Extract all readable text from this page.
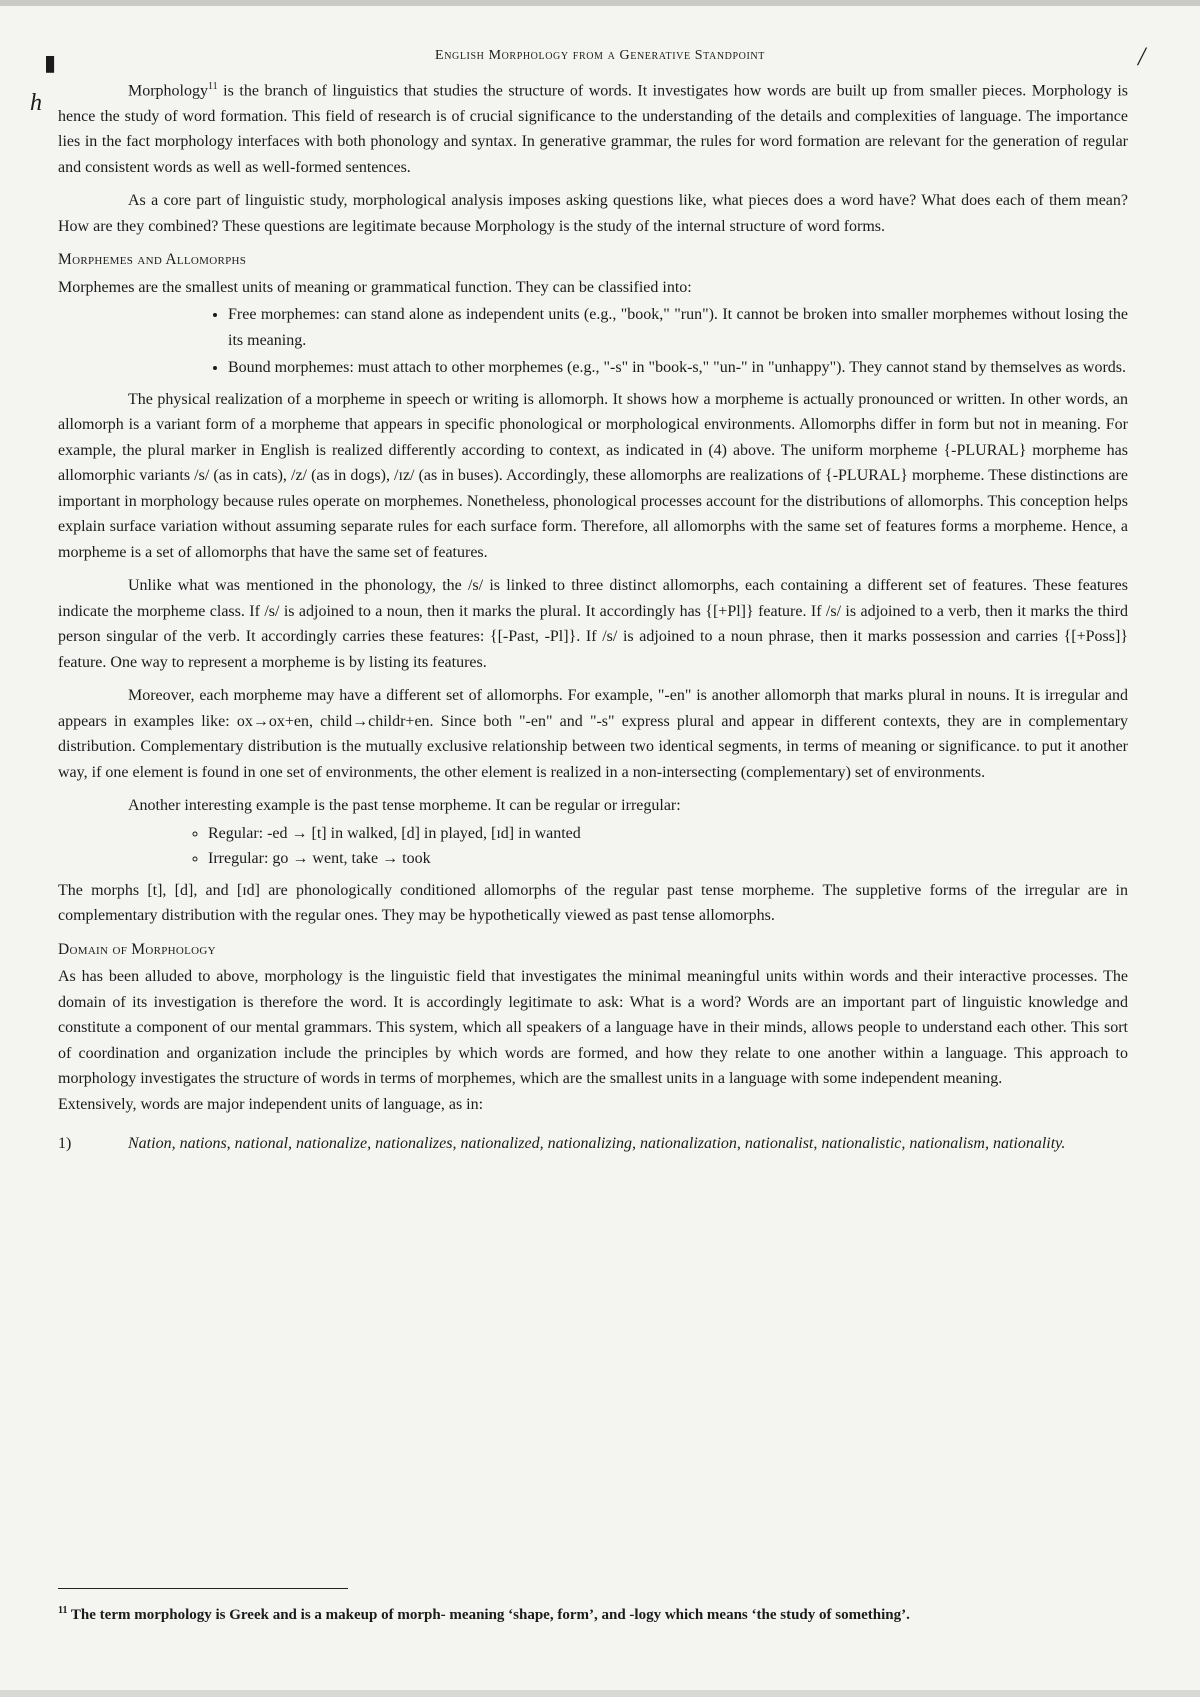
▮	/
h
English Morphology from a Generative Standpoint

Morphology$^{11}$ is the branch of linguistics that studies the structure of words. It investigates how words are built up from smaller pieces. Morphology is hence the study of word formation. This field of research is of crucial significance to the understanding of the details and complexities of language. The importance lies in the fact morphology interfaces with both phonology and syntax. In generative grammar, the rules for word formation are relevant for the generation of regular and consistent words as well as well-formed sentences.

As a core part of linguistic study, morphological analysis imposes asking questions like, what pieces does a word have? What does each of them mean? How are they combined? These questions are legitimate because Morphology is the study of the internal structure of word forms.

Morphemes and Allomorphs

Morphemes are the smallest units of meaning or grammatical function. They can be classified into:

• Free morphemes: can stand alone as independent units (e.g., "book," "run"). It cannot be broken into smaller morphemes without losing the its meaning.
• Bound morphemes: must attach to other morphemes (e.g., "-s" in "book-s," "un-" in "unhappy"). They cannot stand by themselves as words.

The physical realization of a morpheme in speech or writing is allomorph. It shows how a morpheme is actually pronounced or written. In other words, an allomorph is a variant form of a morpheme that appears in specific phonological or morphological environments. Allomorphs differ in form but not in meaning. For example, the plural marker in English is realized differently according to context, as indicated in (4) above. The uniform morpheme {-PLURAL} morpheme has allomorphic variants /s/ (as in cats), /z/ (as in dogs), /ɪz/ (as in buses). Accordingly, these allomorphs are realizations of {-PLURAL} morpheme. These distinctions are important in morphology because rules operate on morphemes. Nonetheless, phonological processes account for the distributions of allomorphs. This conception helps explain surface variation without assuming separate rules for each surface form. Therefore, all allomorphs with the same set of features forms a morpheme. Hence, a morpheme is a set of allomorphs that have the same set of features.

Unlike what was mentioned in the phonology, the /s/ is linked to three distinct allomorphs, each containing a different set of features. These features indicate the morpheme class. If /s/ is adjoined to a noun, then it marks the plural. It accordingly has {[+Pl]} feature. If /s/ is adjoined to a verb, then it marks the third person singular of the verb. It accordingly carries these features: {[-Past, -Pl]}. If /s/ is adjoined to a noun phrase, then it marks possession and carries {[+Poss]} feature. One way to represent a morpheme is by listing its features.

Moreover, each morpheme may have a different set of allomorphs. For example, "-en" is another allomorph that marks plural in nouns. It is irregular and appears in examples like: ox→ox+en, child→childr+en. Since both "-en" and "-s" express plural and appear in different contexts, they are in complementary distribution. Complementary distribution is the mutually exclusive relationship between two identical segments, in terms of meaning or significance. to put it another way, if one element is found in one set of environments, the other element is realized in a non-intersecting (complementary) set of environments.

Another interesting example is the past tense morpheme. It can be regular or irregular:
◦ Regular: -ed → [t] in walked, [d] in played, [ɪd] in wanted
◦ Irregular: go → went, take → took

The morphs [t], [d], and [ɪd] are phonologically conditioned allomorphs of the regular past tense morpheme. The suppletive forms of the irregular are in complementary distribution with the regular ones. They may be hypothetically viewed as past tense allomorphs.

Domain of Morphology

As has been alluded to above, morphology is the linguistic field that investigates the minimal meaningful units within words and their interactive processes. The domain of its investigation is therefore the word. It is accordingly legitimate to ask: What is a word? Words are an important part of linguistic knowledge and constitute a component of our mental grammars. This system, which all speakers of a language have in their minds, allows people to understand each other. This sort of coordination and organization include the principles by which words are formed, and how they relate to one another within a language. This approach to morphology investigates the structure of words in terms of morphemes, which are the smallest units in a language with some independent meaning.

Extensively, words are major independent units of language, as in:

1)	Nation, nations, national, nationalize, nationalizes, nationalized, nationalizing, nationalization, nationalist, nationalistic, nationalism, nationality.
$^{11}$ The term morphology is Greek and is a makeup of morph- meaning ‘shape, form’, and -logy which means ‘the study of something’.
